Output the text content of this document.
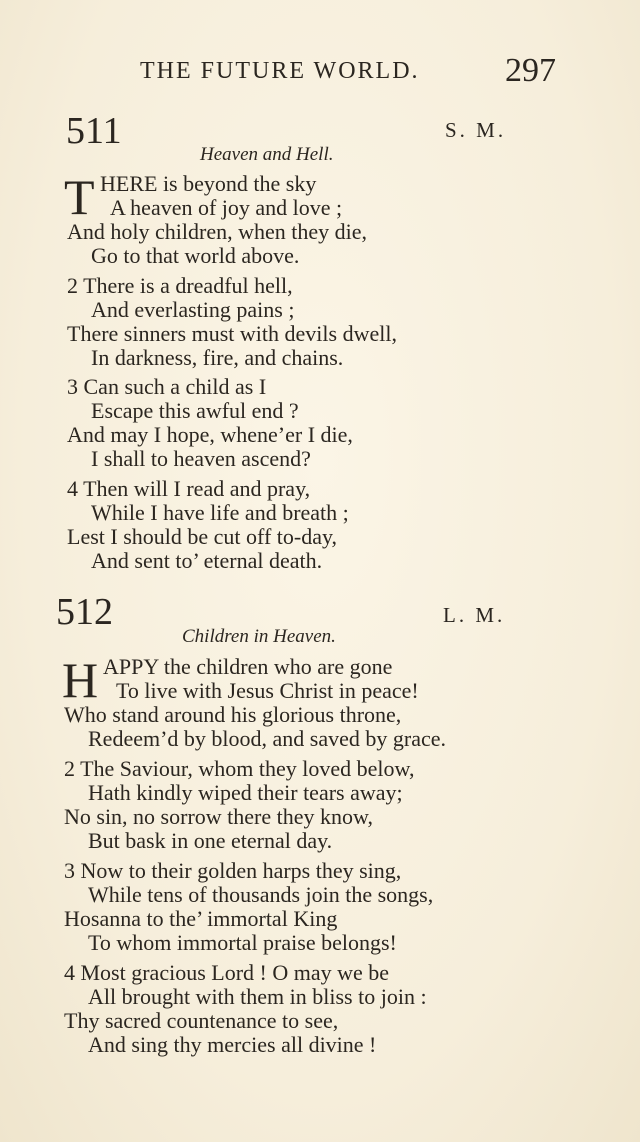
THE FUTURE WORLD.	297
511	S. M.
Heaven and Hell.
T HERE is beyond the sky
A heaven of joy and love ;
And holy children, when they die,
Go to that world above.
2 There is a dreadful hell,
And everlasting pains ;
There sinners must with devils dwell,
In darkness, fire, and chains.
3 Can such a child as I
Escape this awful end ?
And may I hope, whene’er I die,
I shall to heaven ascend?
4 Then will I read and pray,
While I have life and breath ;
Lest I should be cut off to-day,
And sent to’ eternal death.
512	L. M.
Children in Heaven.
H APPY the children who are gone
To live with Jesus Christ in peace!
Who stand around his glorious throne,
Redeem’d by blood, and saved by grace.
2 The Saviour, whom they loved below,
Hath kindly wiped their tears away;
No sin, no sorrow there they know,
But bask in one eternal day.
3 Now to their golden harps they sing,
While tens of thousands join the songs,
Hosanna to the’ immortal King
To whom immortal praise belongs!
4 Most gracious Lord ! O may we be
All brought with them in bliss to join :
Thy sacred countenance to see,
And sing thy mercies all divine !
